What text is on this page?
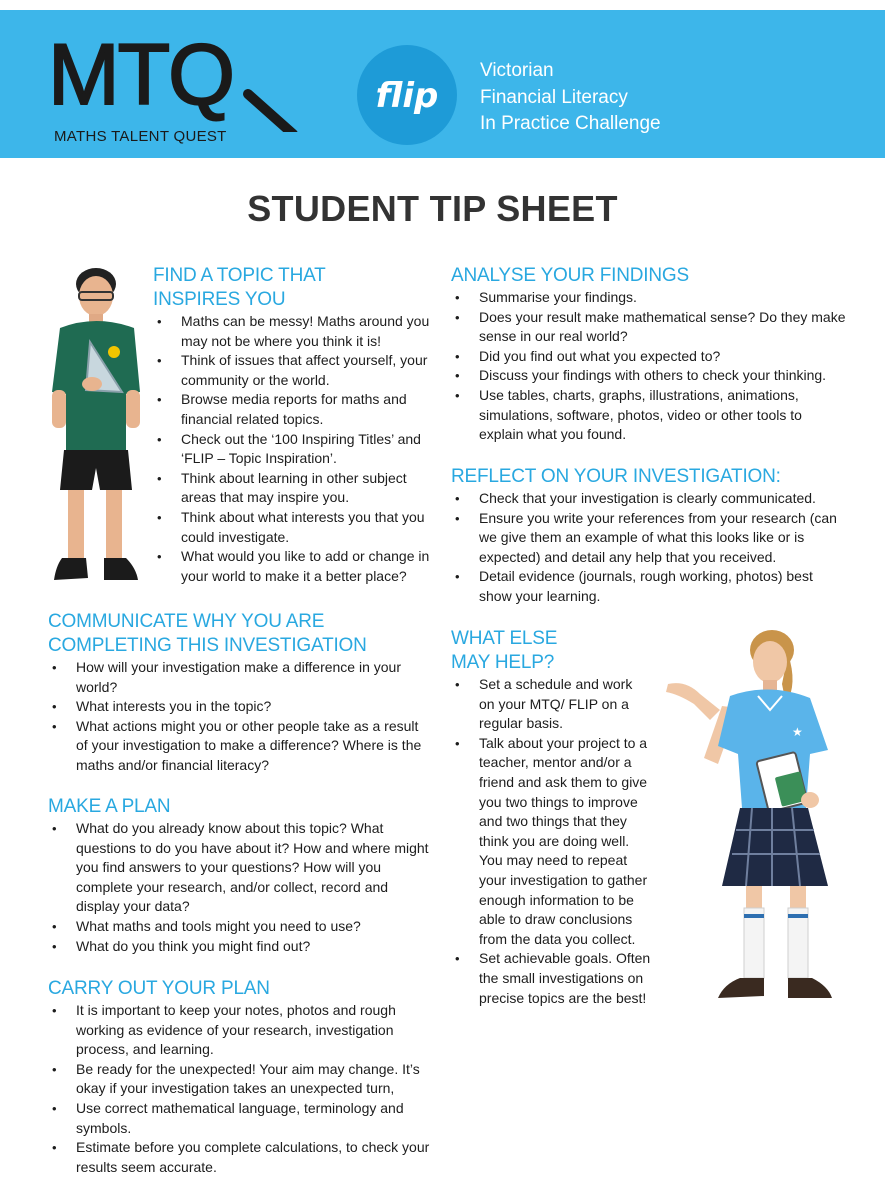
MTQ
MATHS TALENT QUEST
flip
Victorian
Financial Literacy
In Practice Challenge
STUDENT TIP SHEET
★
FIND A TOPIC THAT
INSPIRES YOU
• Maths can be messy! Maths around you may not be where you think it is!
• Think of issues that affect yourself, your community or the world.
• Browse media reports for maths and financial related topics.
• Check out the ‘100 Inspiring Titles’ and ‘FLIP – Topic Inspiration’.
• Think about learning in other subject areas that may inspire you.
• Think about what interests you that you could investigate.
• What would you like to add or change in your world to make it a better place?
COMMUNICATE WHY YOU ARE
COMPLETING THIS INVESTIGATION
• How will your investigation make a difference in your world?
• What interests you in the topic?
• What actions might you or other people take as a result of your investigation to make a difference? Where is the maths and/or financial literacy?
MAKE A PLAN
• What do you already know about this topic? What questions to do you have about it? How and where might you find answers to your questions? How will you complete your research, and/or collect, record and display your data?
• What maths and tools might you need to use?
• What do you think you might find out?
CARRY OUT YOUR PLAN
• It is important to keep your notes, photos and rough working as evidence of your research, investigation process, and learning.
• Be ready for the unexpected! Your aim may change. It’s okay if your investigation takes an unexpected turn,
• Use correct mathematical language, terminology and symbols.
• Estimate before you complete calculations, to check your results seem accurate.
ANALYSE YOUR FINDINGS
• Summarise your findings.
• Does your result make mathematical sense? Do they make sense in our real world?
• Did you find out what you expected to?
• Discuss your findings with others to check your thinking.
• Use tables, charts, graphs, illustrations, animations, simulations, software, photos, video or other tools to explain what you found.
REFLECT ON YOUR INVESTIGATION:
• Check that your investigation is clearly communicated.
• Ensure you write your references from your research (can we give them an example of what this looks like or is expected) and detail any help that you received.
• Detail evidence (journals, rough working, photos) best show your learning.
WHAT ELSE
MAY HELP?
• Set a schedule and work on your MTQ/ FLIP on a regular basis.
• Talk about your project to a teacher, mentor and/or a friend and ask them to give you two things to improve and two things that they think you are doing well. You may need to repeat your investigation to gather enough information to be able to draw conclusions from the data you collect.
• Set achievable goals. Often the small investigations on precise topics are the best!
